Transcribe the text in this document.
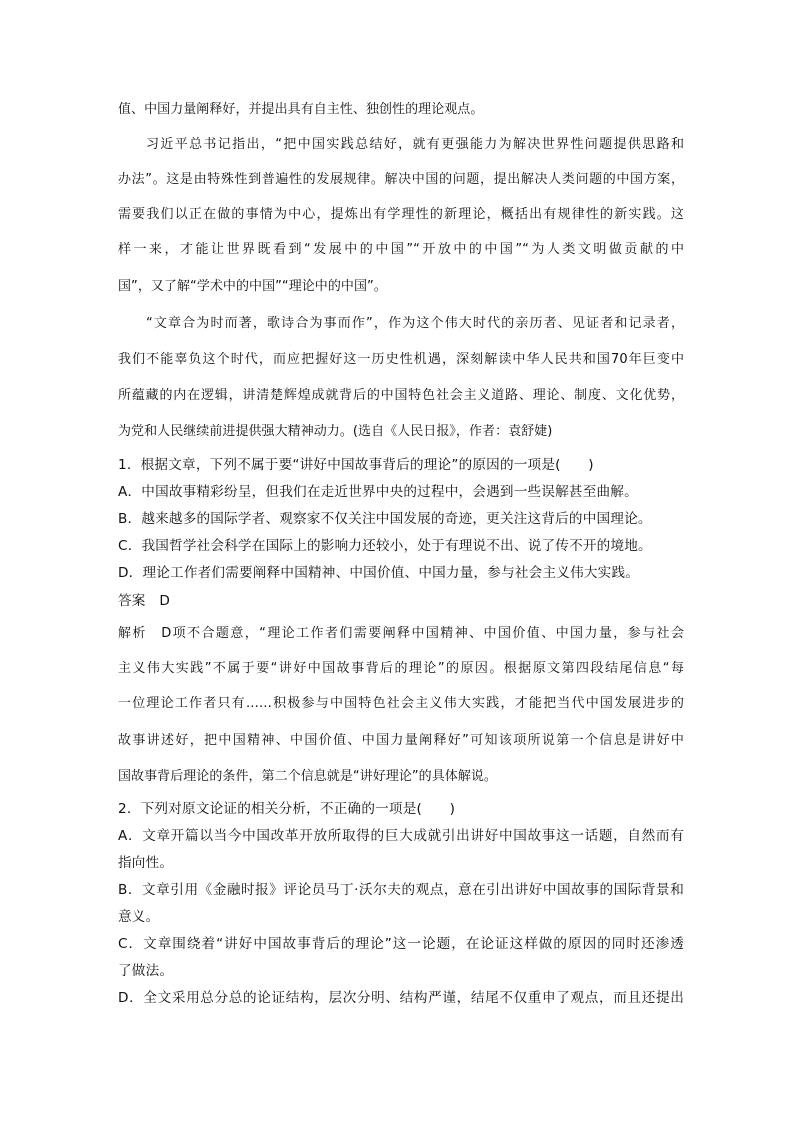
值、中国力量阐释好，并提出具有自主性、独创性的理论观点。
习近平总书记指出，“把中国实践总结好，就有更强能力为解决世界性问题提供思路和
办法”。这是由特殊性到普遍性的发展规律。解决中国的问题，提出解决人类问题的中国方案，
需要我们以正在做的事情为中心，提炼出有学理性的新理论，概括出有规律性的新实践。这
样一来，才能让世界既看到“发展中的中国”“开放中的中国”“为人类文明做贡献的中
国”，又了解“学术中的中国”“理论中的中国”。
“文章合为时而著，歌诗合为事而作”，作为这个伟大时代的亲历者、见证者和记录者，
我们不能辜负这个时代，而应把握好这一历史性机遇，深刻解读中华人民共和国70年巨变中
所蕴藏的内在逻辑，讲清楚辉煌成就背后的中国特色社会主义道路、理论、制度、文化优势，
为党和人民继续前进提供强大精神动力。(选自《人民日报》，作者：袁舒婕)
1．根据文章，下列不属于要“讲好中国故事背后的理论”的原因的一项是(　　)
A．中国故事精彩纷呈，但我们在走近世界中央的过程中，会遇到一些误解甚至曲解。
B．越来越多的国际学者、观察家不仅关注中国发展的奇迹，更关注这背后的中国理论。
C．我国哲学社会科学在国际上的影响力还较小，处于有理说不出、说了传不开的境地。
D．理论工作者们需要阐释中国精神、中国价值、中国力量，参与社会主义伟大实践。
答案　D
解析　D项不合题意，“理论工作者们需要阐释中国精神、中国价值、中国力量，参与社会
主义伟大实践”不属于要“讲好中国故事背后的理论”的原因。根据原文第四段结尾信息“每
一位理论工作者只有……积极参与中国特色社会主义伟大实践，才能把当代中国发展进步的
故事讲述好，把中国精神、中国价值、中国力量阐释好”可知该项所说第一个信息是讲好中
国故事背后理论的条件，第二个信息就是“讲好理论”的具体解说。
2．下列对原文论证的相关分析，不正确的一项是(　　)
A．文章开篇以当今中国改革开放所取得的巨大成就引出讲好中国故事这一话题，自然而有
指向性。
B．文章引用《金融时报》评论员马丁·沃尔夫的观点，意在引出讲好中国故事的国际背景和
意义。
C．文章围绕着“讲好中国故事背后的理论”这一论题，在论证这样做的原因的同时还渗透
了做法。
D．全文采用总分总的论证结构，层次分明、结构严谨，结尾不仅重申了观点，而且还提出
